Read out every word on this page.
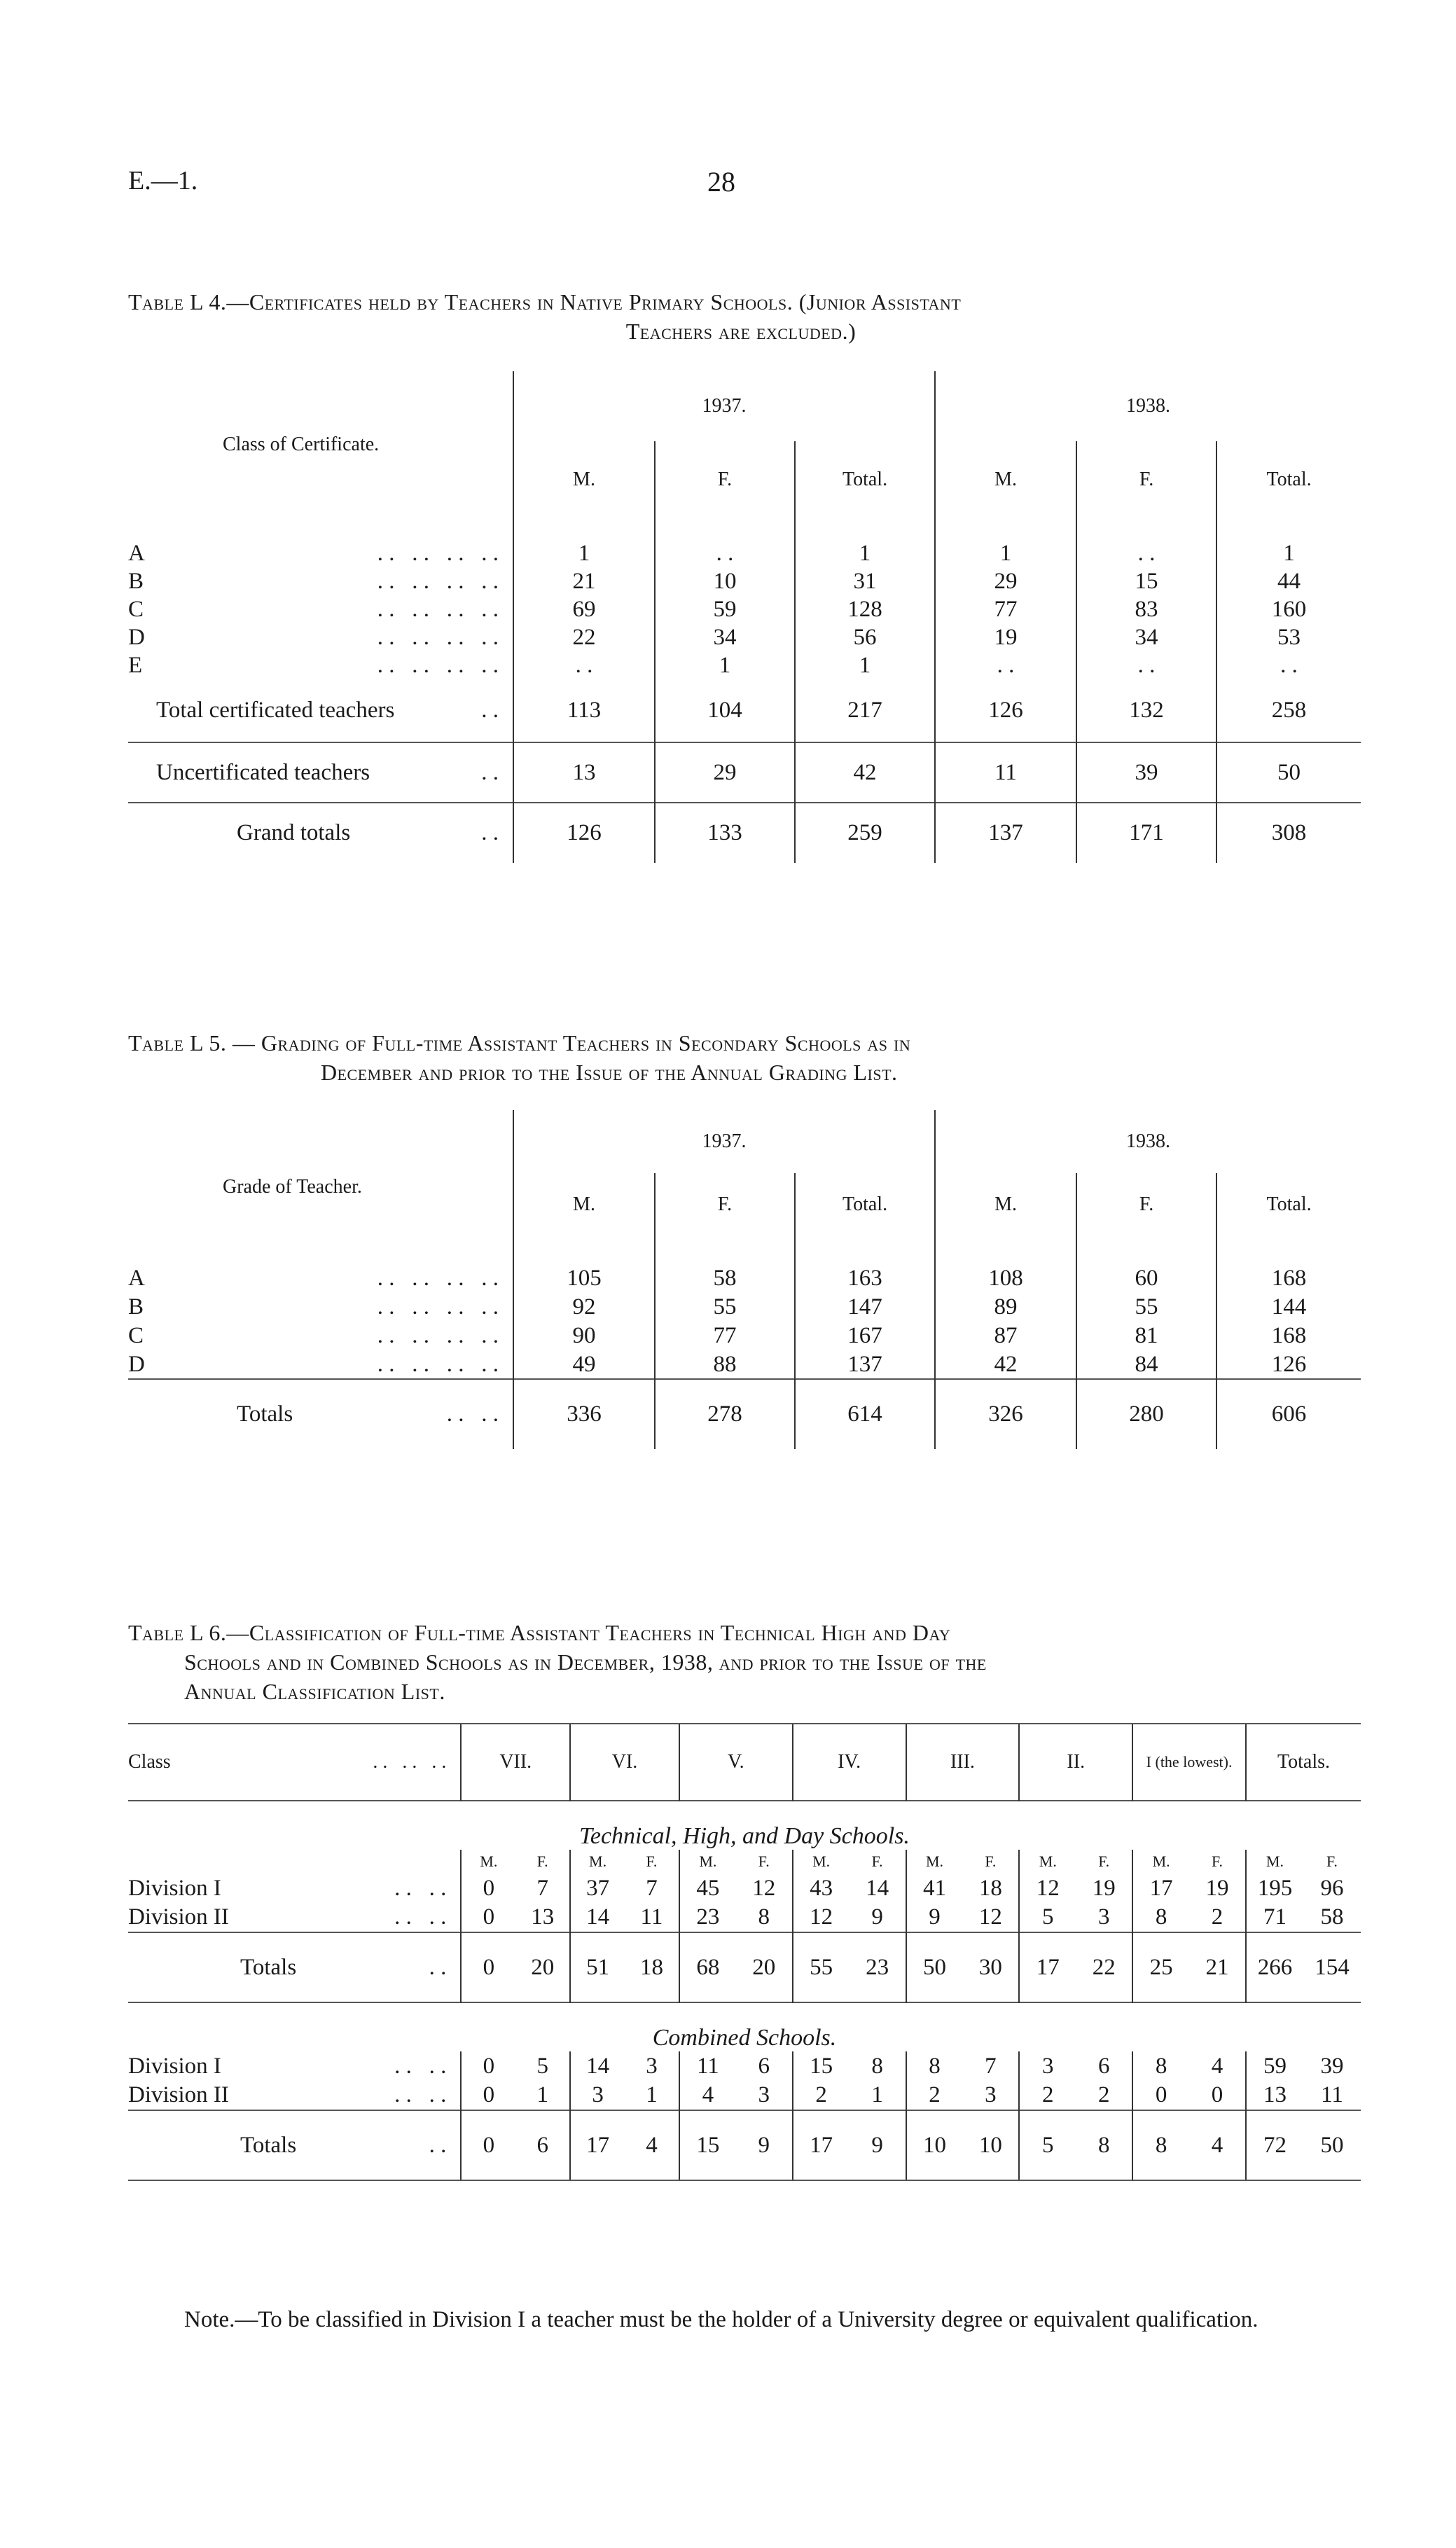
E.—1.	28
Table L 4.—Certificates held by Teachers in Native Primary Schools. (Junior Assistant
Teachers are excluded.)
Class of Certificate.	1937.			1938.		
	M.	F.	Total.	M.	F.	Total.

A . .   . .   . .   . .	1	. .	1	1	. .	1
B . .   . .   . .   . .	21	10	31	29	15	44
C . .   . .   . .   . .	69	59	128	77	83	160
D . .   . .   . .   . .	22	34	56	19	34	53
E . .   . .   . .   . .	. .	1	1	. .	. .	. .
Total certificated teachers . .	113	104	217	126	132	258
Uncertificated teachers . .	13	29	42	11	39	50
Grand totals . .	126	133	259	137	171	308
Table L 5. — Grading of Full-time Assistant Teachers in Secondary Schools as in
December and prior to the Issue of the Annual Grading List.
Grade of Teacher.	1937.			1938.		
	M.	F.	Total.	M.	F.	Total.

A . .   . .   . .   . .	105	58	163	108	60	168
B . .   . .   . .   . .	92	55	147	89	55	144
C . .   . .   . .   . .	90	77	167	87	81	168
D . .   . .   . .   . .	49	88	137	42	84	126
Totals . .   . .	336	278	614	326	280	606
Table L 6.—Classification of Full-time Assistant Teachers in Technical High and Day
Schools and in Combined Schools as in December, 1938, and prior to the Issue of the
Annual Classification List.
Class . .   . .   . .	VII.		VI.		V.		IV.		III.		II.		I (the lowest).		Totals.	
Technical, High, and Day Schools.																
	M.	F.	M.	F.	M.	F.	M.	F.	M.	F.	M.	F.	M.	F.	M.	F.
Division I . .   . .	0	7	37	7	45	12	43	14	41	18	12	19	17	19	195	96
Division II . .   . .	0	13	14	11	23	8	12	9	9	12	5	3	8	2	71	58
Totals . .	0	20	51	18	68	20	55	23	50	30	17	22	25	21	266	154
Combined Schools.																
Division I . .   . .	0	5	14	3	11	6	15	8	8	7	3	6	8	4	59	39
Division II . .   . .	0	1	3	1	4	3	2	1	2	3	2	2	0	0	13	11
Totals . .	0	6	17	4	15	9	17	9	10	10	5	8	8	4	72	50
Note.—To be classified in Division I a teacher must be the holder of a University degree or equivalent qualification.
